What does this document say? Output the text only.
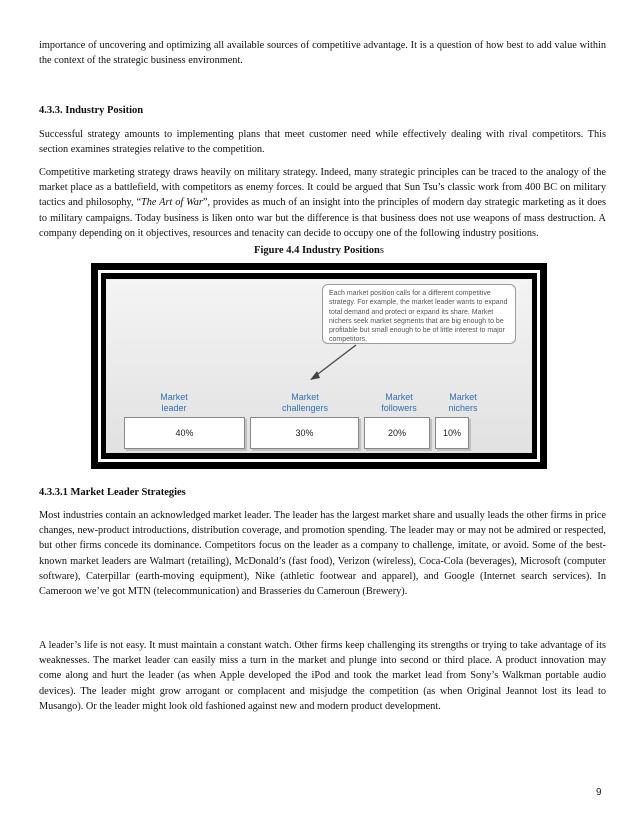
importance of uncovering and optimizing all available sources of competitive advantage. It is a question of how best to add value within the context of the strategic business environment.

4.3.3. Industry Position

Successful strategy amounts to implementing plans that meet customer need while effectively dealing with rival competitors. This section examines strategies relative to the competition.

Competitive marketing strategy draws heavily on military strategy. Indeed, many strategic principles can be traced to the analogy of the market place as a battlefield, with competitors as enemy forces. It could be argued that Sun Tsu’s classic work from 400 BC on military tactics and philosophy, “The Art of War”, provides as much of an insight into the principles of modern day strategic marketing as it does to military campaigns. Today business is liken onto war but the difference is that business does not use weapons of mass destruction. A company depending on it objectives, resources and tenacity can decide to occupy one of the following industry positions.

Figure 4.4 Industry Positions
Each market position calls for a different competitive strategy. For example, the market leader wants to expand total demand and protect or expand its share. Market nichers seek market segments that are big enough to be profitable but small enough to be of little interest to major competitors.
Market
leader
Market
challengers
Market
followers
Market
nichers
40%	30%	20%	10%
4.3.3.1 Market Leader Strategies

Most industries contain an acknowledged market leader. The leader has the largest market share and usually leads the other firms in price changes, new-product introductions, distribution coverage, and promotion spending. The leader may or may not be admired or respected, but other firms concede its dominance. Competitors focus on the leader as a company to challenge, imitate, or avoid. Some of the best-known market leaders are Walmart (retailing), McDonald’s (fast food), Verizon (wireless), Coca-Cola (beverages), Microsoft (computer software), Caterpillar (earth-moving equipment), Nike (athletic footwear and apparel), and Google (Internet search services). In Cameroon we’ve got MTN (telecommunication) and Brasseries du Cameroun (Brewery).

A leader’s life is not easy. It must maintain a constant watch. Other firms keep challenging its strengths or trying to take advantage of its weaknesses. The market leader can easily miss a turn in the market and plunge into second or third place. A product innovation may come along and hurt the leader (as when Apple developed the iPod and took the market lead from Sony’s Walkman portable audio devices). The leader might grow arrogant or complacent and misjudge the competition (as when Original Jeannot lost its lead to Musango). Or the leader might look old fashioned against new and modern product development.

9
